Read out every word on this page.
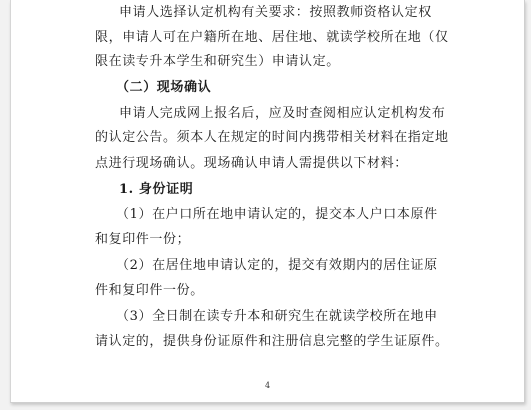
申请人选择认定机构有关要求：按照教师资格认定权
限，申请人可在户籍所在地、居住地、就读学校所在地（仅
限在读专升本学生和研究生）申请认定。
（二）现场确认
申请人完成网上报名后，应及时查阅相应认定机构发布
的认定公告。须本人在规定的时间内携带相关材料在指定地
点进行现场确认。现场确认申请人需提供以下材料：
1. 身份证明
（1）在户口所在地申请认定的，提交本人户口本原件
和复印件一份；
（2）在居住地申请认定的，提交有效期内的居住证原
件和复印件一份。
（3）全日制在读专升本和研究生在就读学校所在地申
请认定的，提供身份证原件和注册信息完整的学生证原件。
4
